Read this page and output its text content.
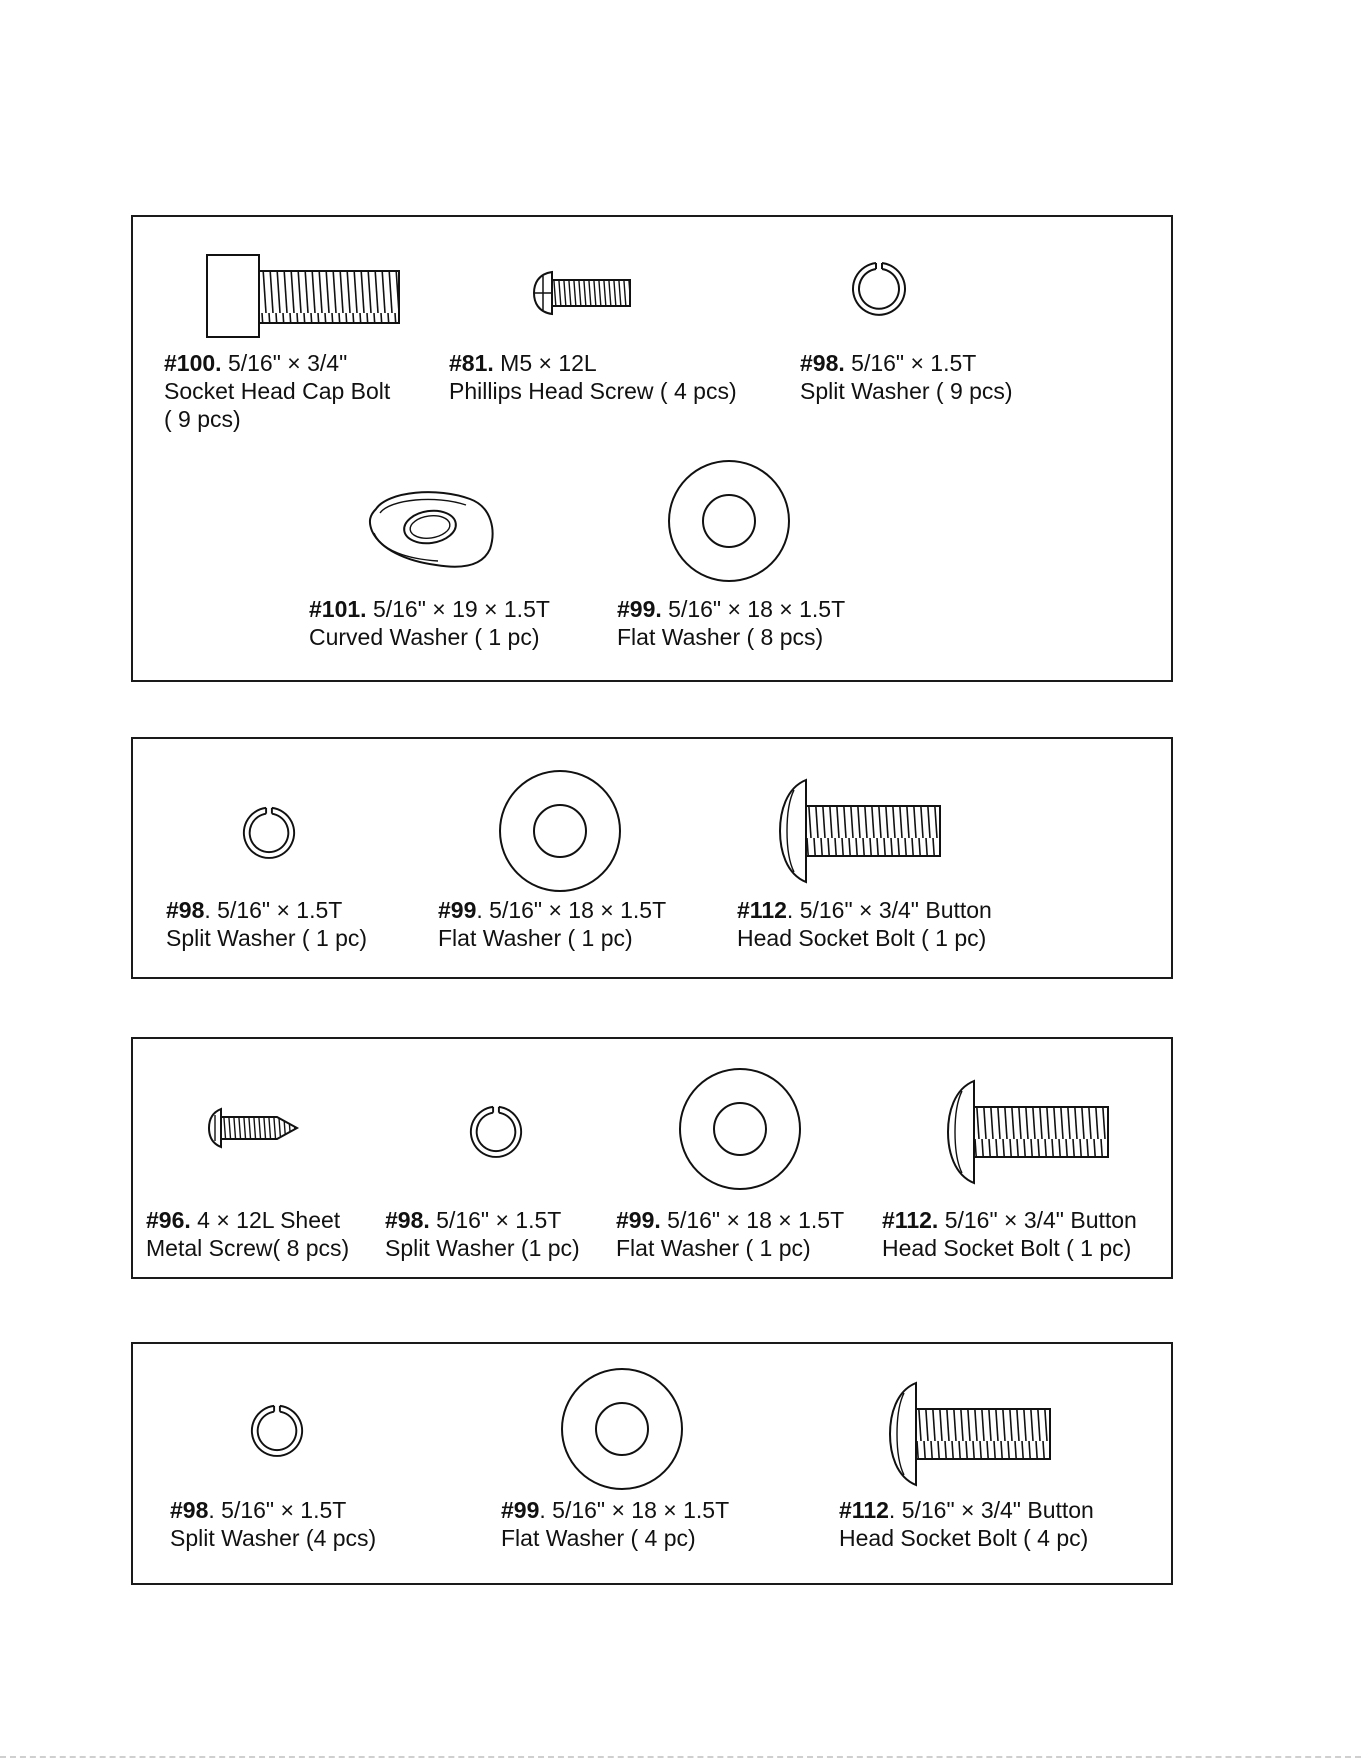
#100. 5/16" × 3/4"
Socket Head Cap Bolt
( 9 pcs)
#81. M5 × 12L
Phillips Head Screw ( 4 pcs)
#98. 5/16" × 1.5T
Split Washer ( 9 pcs)
#101. 5/16" × 19 × 1.5T
Curved Washer ( 1 pc)
#99. 5/16" × 18 × 1.5T
Flat Washer ( 8 pcs)
#98. 5/16" × 1.5T
Split Washer ( 1 pc)
#99. 5/16" × 18 × 1.5T
Flat Washer ( 1 pc)
#112. 5/16" × 3/4" Button
Head Socket Bolt ( 1 pc)
#96. 4 × 12L Sheet
Metal Screw( 8 pcs)
#98. 5/16" × 1.5T
Split Washer (1 pc)
#99. 5/16" × 18 × 1.5T
Flat Washer ( 1 pc)
#112. 5/16" × 3/4" Button
Head Socket Bolt ( 1 pc)
#98. 5/16" × 1.5T
Split Washer (4 pcs)
#99. 5/16" × 18 × 1.5T
Flat Washer ( 4 pc)
#112. 5/16" × 3/4" Button
Head Socket Bolt ( 4 pc)
